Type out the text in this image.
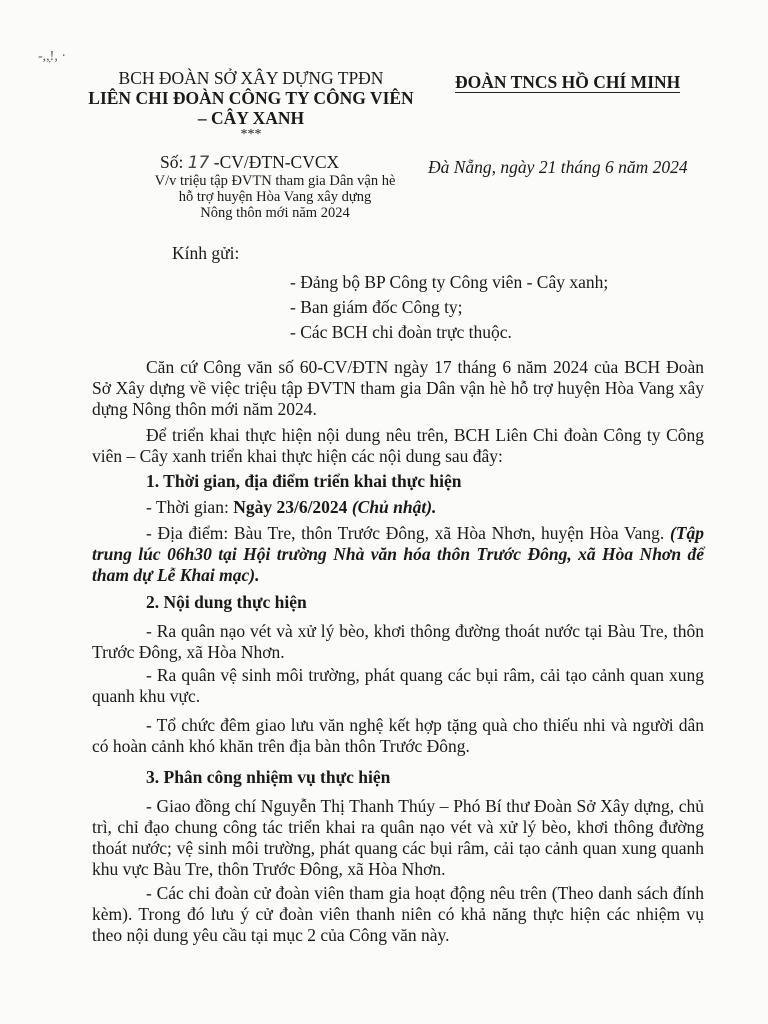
-,,̣!, ·
BCH ĐOÀN SỞ XÂY DỰNG TPĐN
LIÊN CHI ĐOÀN CÔNG TY CÔNG VIÊN
– CÂY XANH
***
ĐOÀN TNCS HỒ CHÍ MINH
Số: 17 -CV/ĐTN-CVCX	Đà Nẵng, ngày 21 tháng 6 năm 2024
V/v triệu tập ĐVTN tham gia Dân vận hè
hỗ trợ huyện Hòa Vang xây dựng
Nông thôn mới năm 2024
Kính gửi:
- Đảng bộ BP Công ty Công viên - Cây xanh;
- Ban giám đốc Công ty;
- Các BCH chi đoàn trực thuộc.
Căn cứ Công văn số 60-CV/ĐTN ngày 17 tháng 6 năm 2024 của BCH Đoàn Sở Xây dựng về việc triệu tập ĐVTN tham gia Dân vận hè hỗ trợ huyện Hòa Vang xây dựng Nông thôn mới năm 2024.
Để triển khai thực hiện nội dung nêu trên, BCH Liên Chi đoàn Công ty Công viên – Cây xanh triển khai thực hiện các nội dung sau đây:
1. Thời gian, địa điểm triển khai thực hiện
- Thời gian: Ngày 23/6/2024 (Chủ nhật).
- Địa điểm: Bàu Tre, thôn Trước Đông, xã Hòa Nhơn, huyện Hòa Vang. (Tập trung lúc 06h30 tại Hội trường Nhà văn hóa thôn Trước Đông, xã Hòa Nhơn để tham dự Lễ Khai mạc).
2. Nội dung thực hiện
- Ra quân nạo vét và xử lý bèo, khơi thông đường thoát nước tại Bàu Tre, thôn Trước Đông, xã Hòa Nhơn.
- Ra quân vệ sinh môi trường, phát quang các bụi râm, cải tạo cảnh quan xung quanh khu vực.
- Tổ chức đêm giao lưu văn nghệ kết hợp tặng quà cho thiếu nhi và người dân có hoàn cảnh khó khăn trên địa bàn thôn Trước Đông.
3. Phân công nhiệm vụ thực hiện
- Giao đồng chí Nguyễn Thị Thanh Thúy – Phó Bí thư Đoàn Sở Xây dựng, chủ trì, chỉ đạo chung công tác triển khai ra quân nạo vét và xử lý bèo, khơi thông đường thoát nước; vệ sinh môi trường, phát quang các bụi râm, cải tạo cảnh quan xung quanh khu vực Bàu Tre, thôn Trước Đông, xã Hòa Nhơn.
- Các chi đoàn cử đoàn viên tham gia hoạt động nêu trên (Theo danh sách đính kèm). Trong đó lưu ý cử đoàn viên thanh niên có khả năng thực hiện các nhiệm vụ theo nội dung yêu cầu tại mục 2 của Công văn này.
